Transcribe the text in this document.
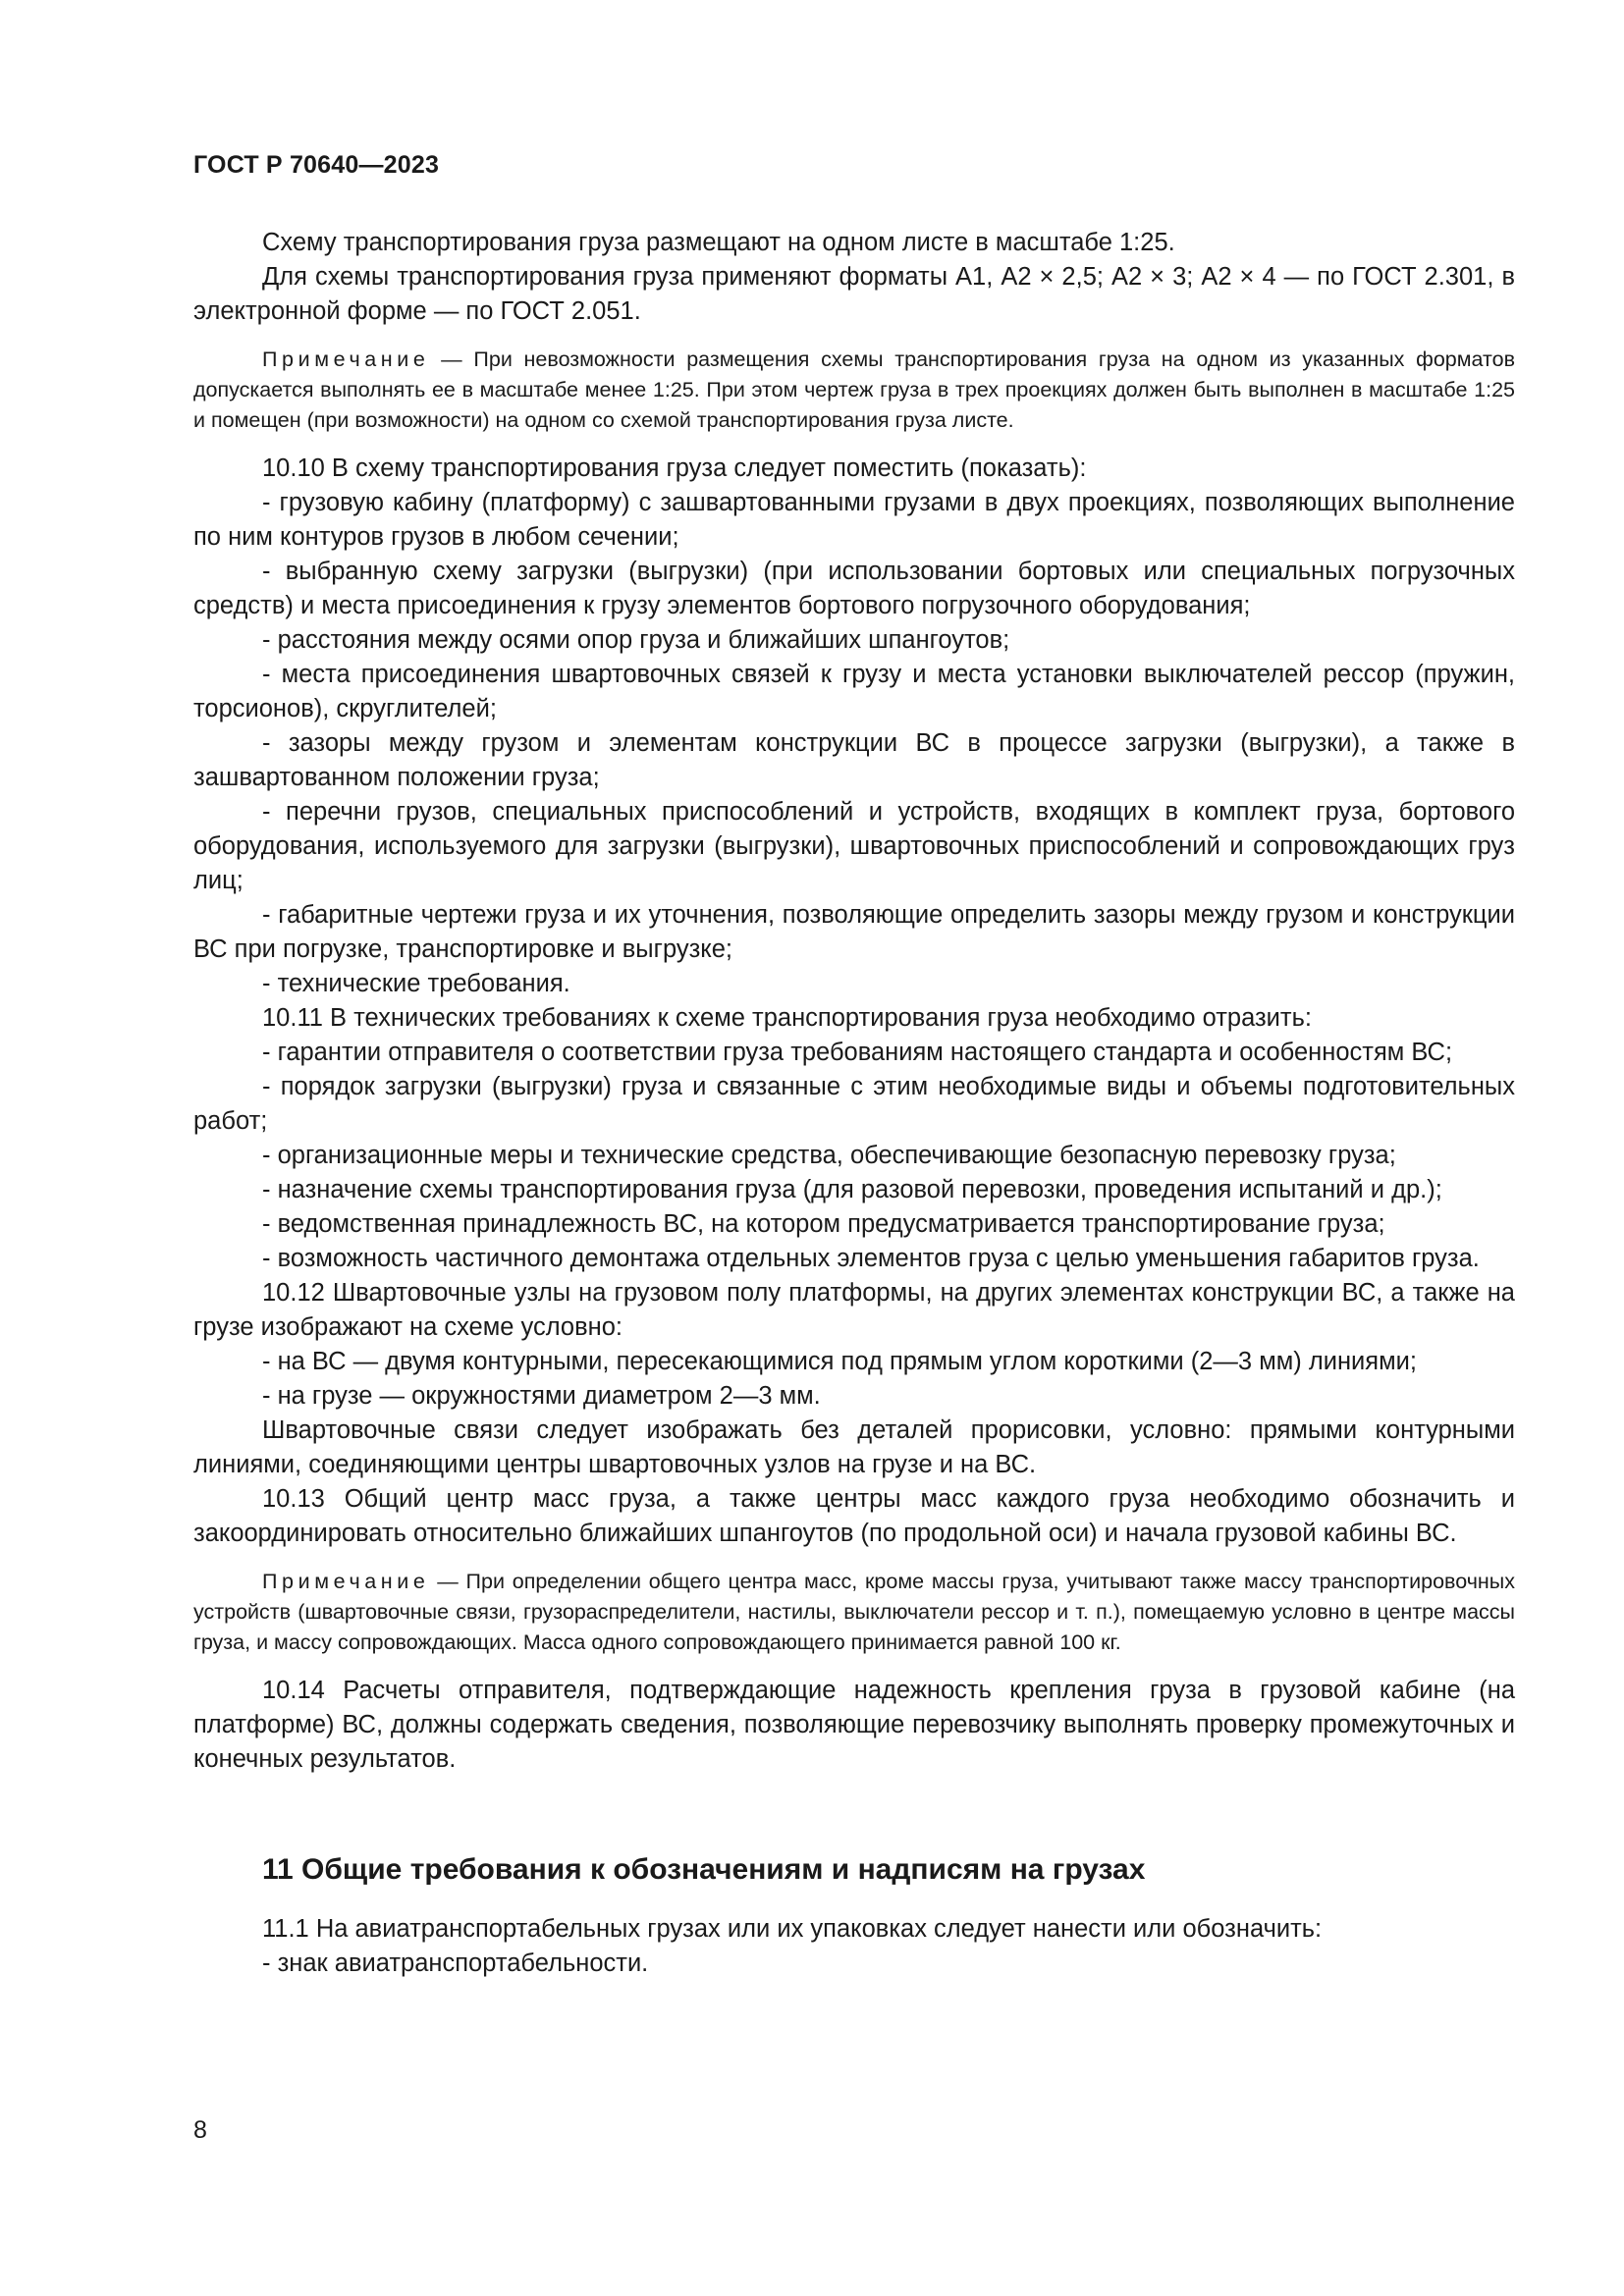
ГОСТ Р 70640—2023

Схему транспортирования груза размещают на одном листе в масштабе 1:25.

Для схемы транспортирования груза применяют форматы А1, А2 × 2,5; А2 × 3; А2 × 4 — по ГОСТ 2.301, в электронной форме — по ГОСТ 2.051.

Примечание — При невозможности размещения схемы транспортирования груза на одном из указанных форматов допускается выполнять ее в масштабе менее 1:25. При этом чертеж груза в трех проекциях должен быть выполнен в масштабе 1:25 и помещен (при возможности) на одном со схемой транспортирования груза листе.

10.10 В схему транспортирования груза следует поместить (показать):

- грузовую кабину (платформу) с зашвартованными грузами в двух проекциях, позволяющих выполнение по ним контуров грузов в любом сечении;

- выбранную схему загрузки (выгрузки) (при использовании бортовых или специальных погрузочных средств) и места присоединения к грузу элементов бортового погрузочного оборудования;

- расстояния между осями опор груза и ближайших шпангоутов;

- места присоединения швартовочных связей к грузу и места установки выключателей рессор (пружин, торсионов), скруглителей;

- зазоры между грузом и элементам конструкции ВС в процессе загрузки (выгрузки), а также в зашвартованном положении груза;

- перечни грузов, специальных приспособлений и устройств, входящих в комплект груза, бортового оборудования, используемого для загрузки (выгрузки), швартовочных приспособлений и сопровождающих груз лиц;

- габаритные чертежи груза и их уточнения, позволяющие определить зазоры между грузом и конструкции ВС при погрузке, транспортировке и выгрузке;

- технические требования.

10.11 В технических требованиях к схеме транспортирования груза необходимо отразить:

- гарантии отправителя о соответствии груза требованиям настоящего стандарта и особенностям ВС;

- порядок загрузки (выгрузки) груза и связанные с этим необходимые виды и объемы подготовительных работ;

- организационные меры и технические средства, обеспечивающие безопасную перевозку груза;

- назначение схемы транспортирования груза (для разовой перевозки, проведения испытаний и др.);

- ведомственная принадлежность ВС, на котором предусматривается транспортирование груза;

- возможность частичного демонтажа отдельных элементов груза с целью уменьшения габаритов груза.

10.12 Швартовочные узлы на грузовом полу платформы, на других элементах конструкции ВС, а также на грузе изображают на схеме условно:

- на ВС — двумя контурными, пересекающимися под прямым углом короткими (2—3 мм) линиями;

- на грузе — окружностями диаметром 2—3 мм.

Швартовочные связи следует изображать без деталей прорисовки, условно: прямыми контурными линиями, соединяющими центры швартовочных узлов на грузе и на ВС.

10.13 Общий центр масс груза, а также центры масс каждого груза необходимо обозначить и закоординировать относительно ближайших шпангоутов (по продольной оси) и начала грузовой кабины ВС.

Примечание — При определении общего центра масс, кроме массы груза, учитывают также массу транспортировочных устройств (швартовочные связи, грузораспределители, настилы, выключатели рессор и т. п.), помещаемую условно в центре массы груза, и массу сопровождающих. Масса одного сопровождающего принимается равной 100 кг.

10.14 Расчеты отправителя, подтверждающие надежность крепления груза в грузовой кабине (на платформе) ВС, должны содержать сведения, позволяющие перевозчику выполнять проверку промежуточных и конечных результатов.

11 Общие требования к обозначениям и надписям на грузах

11.1 На авиатранспортабельных грузах или их упаковках следует нанести или обозначить:

- знак авиатранспортабельности.

8
